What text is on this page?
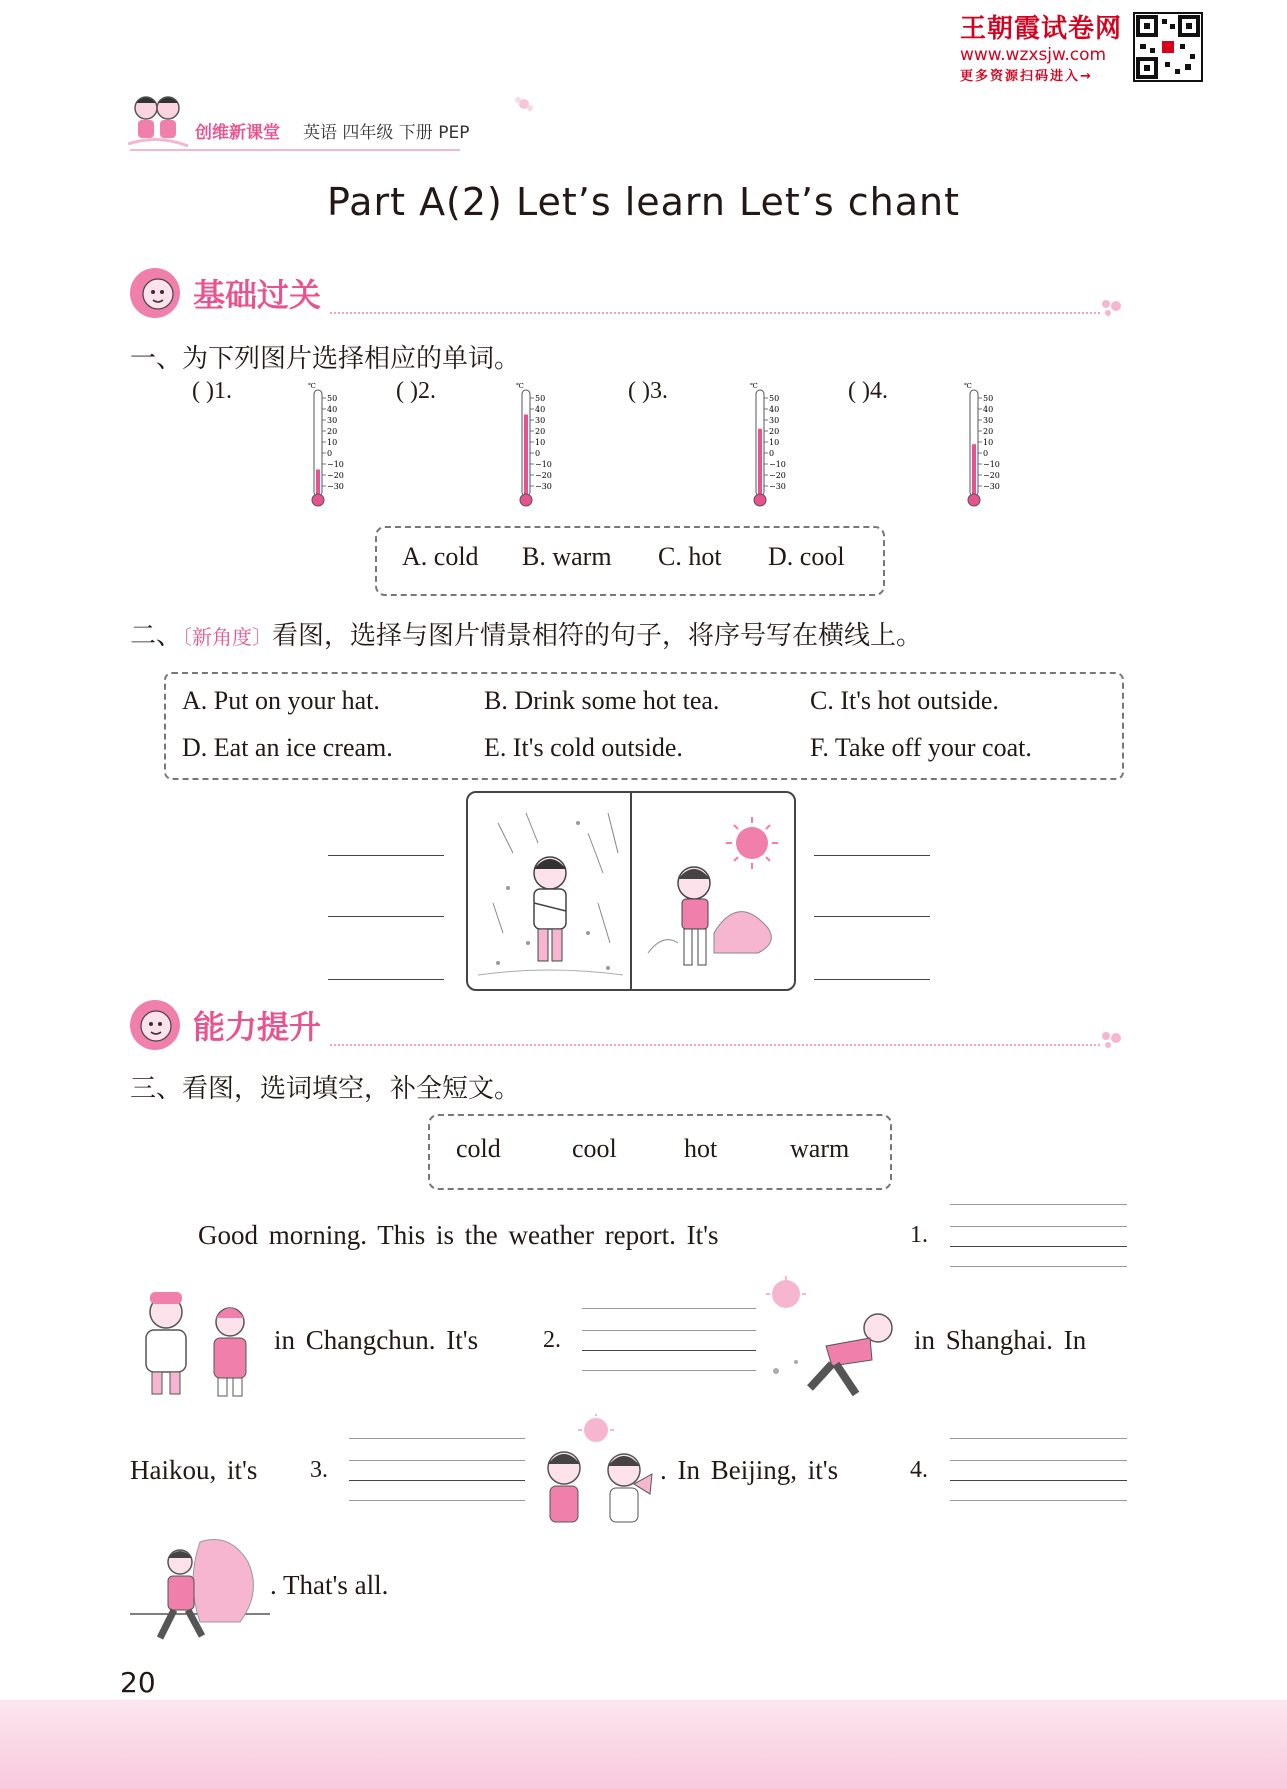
王朝霞试卷网
www.wzxsjw.com
更多资源扫码进入→
创维新课堂 英语 四年级 下册 PEP
Part A(2) Let’s learn Let’s chant
基础过关
一、为下列图片选择相应的单词。
( )1.	( )2.	( )3.	( )4.
℃
50
40
30
20
10
0
−10
−20
−30
℃
50
40
30
20
10
0
−10
−20
−30
℃
50
40
30
20
10
0
−10
−20
−30
℃
50
40
30
20
10
0
−10
−20
−30
A. cold B. warm C. hot D. cool
二、〔新角度〕看图，选择与图片情景相符的句子，将序号写在横线上。
A. Put on your hat.	B. Drink some hot tea.	C. It's hot outside.
D. Eat an ice cream.	E. It's cold outside.	F. Take off your coat.
能力提升
三、看图，选词填空，补全短文。
cold	cool	hot	warm
Good morning. This is the weather report. It's	1.
in Changchun. It's	2.	in Shanghai. In
Haikou, it's 3.	. In Beijing, it's	4.
. That's all.
20
